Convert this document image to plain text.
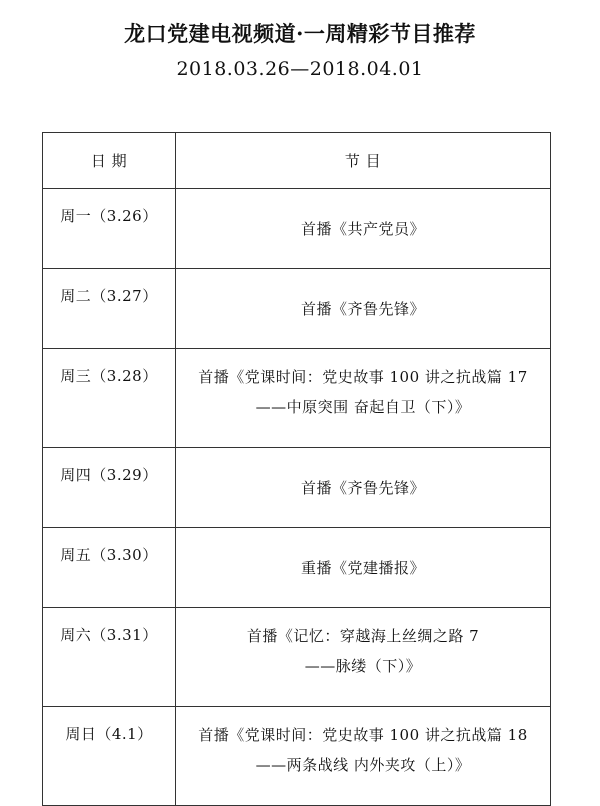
龙口党建电视频道·一周精彩节目推荐
2018.03.26—2018.04.01
日 期	节 目
周一（3.26）	首播《共产党员》

周二（3.27）	首播《齐鲁先锋》

周三（3.28）	首播《党课时间：党史故事 100 讲之抗战篇 17
——中原突围 奋起自卫（下）》

周四（3.29）	首播《齐鲁先锋》

周五（3.30）	重播《党建播报》

周六（3.31）	首播《记忆：穿越海上丝绸之路 7
——脉缕（下）》

周日（4.1）	首播《党课时间：党史故事 100 讲之抗战篇 18
——两条战线 内外夹攻（上）》
